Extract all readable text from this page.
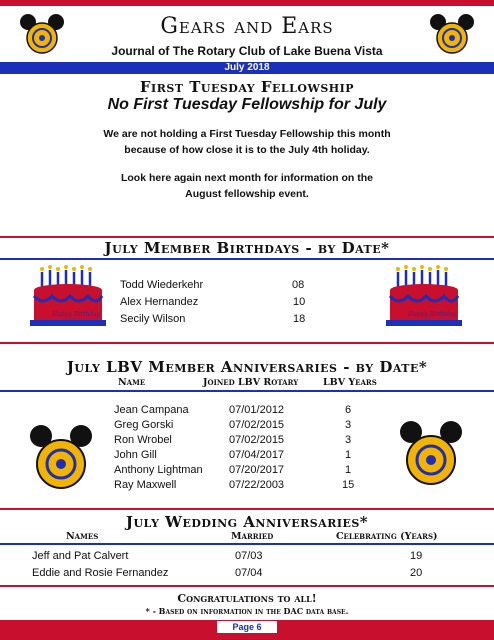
Gears and Ears
Journal of The Rotary Club of Lake Buena Vista
July 2018
First Tuesday Fellowship
No First Tuesday Fellowship for July
We are not holding a First Tuesday Fellowship this month
because of how close it is to the July 4th holiday.
Look here again next month for information on the
August fellowship event.
July Member Birthdays - by Date*
Happy Birthday	Happy Birthday
Todd Wiederkehr	08
Alex Hernandez	10
Secily Wilson	18
July LBV Member Anniversaries - by Date*
Name	Joined LBV Rotary	LBV Years
Jean Campana	07/01/2012	6
Greg Gorski	07/02/2015	3
Ron Wrobel	07/02/2015	3
John Gill	07/04/2017	1
Anthony Lightman 07/20/2017	1
Ray Maxwell	07/22/2003	15
July Wedding Anniversaries*
Names	Married	Celebrating (Years)
Jeff and Pat Calvert	07/03	19
Eddie and Rosie Fernandez	07/04	20
Congratulations to all!
* - Based on information in the DAC data base.
Page 6
